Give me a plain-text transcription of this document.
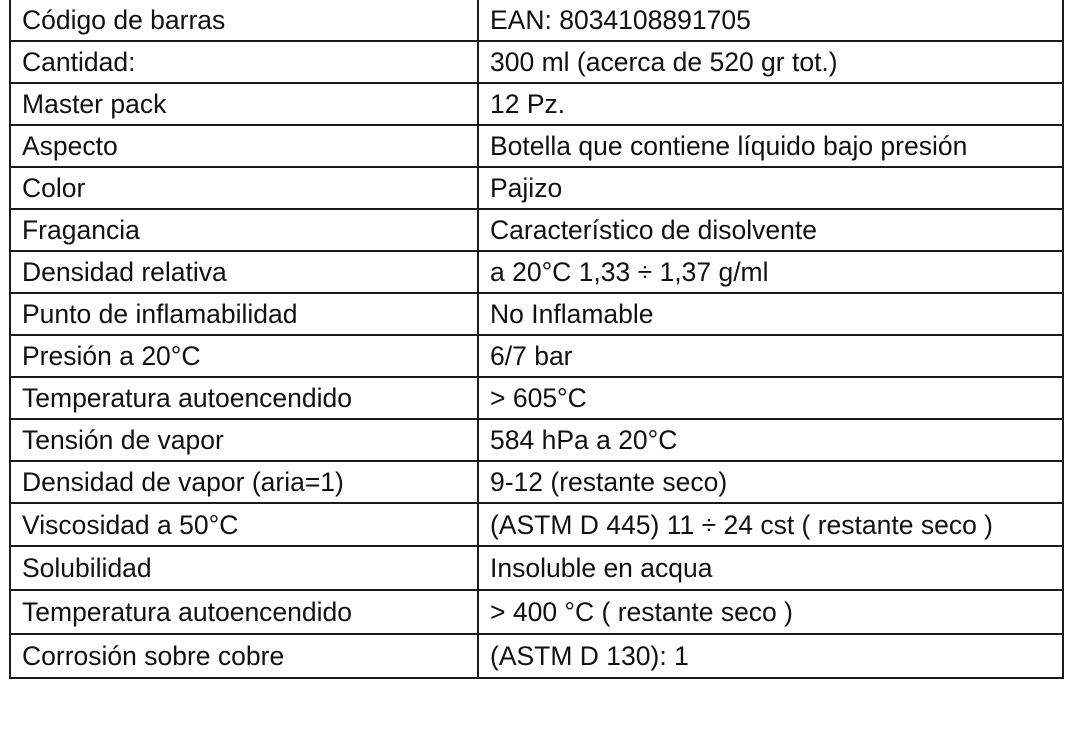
Código de barras	EAN: 8034108891705
Cantidad:	300 ml (acerca de 520 gr tot.)
Master pack	12 Pz.
Aspecto	Botella que contiene líquido bajo presión
Color	Pajizo
Fragancia	Característico de disolvente
Densidad relativa	a 20°C 1,33 ÷ 1,37 g/ml
Punto de inflamabilidad	No Inflamable
Presión a 20°C	6/7 bar
Temperatura autoencendido	> 605°C
Tensión de vapor	584 hPa a 20°C
Densidad de vapor (aria=1)	9-12 (restante seco)
Viscosidad a 50°C	(ASTM D 445) 11 ÷ 24 cst ( restante seco )
Solubilidad	Insoluble en acqua
Temperatura autoencendido	> 400 °C ( restante seco )
Corrosión sobre cobre	(ASTM D 130): 1
